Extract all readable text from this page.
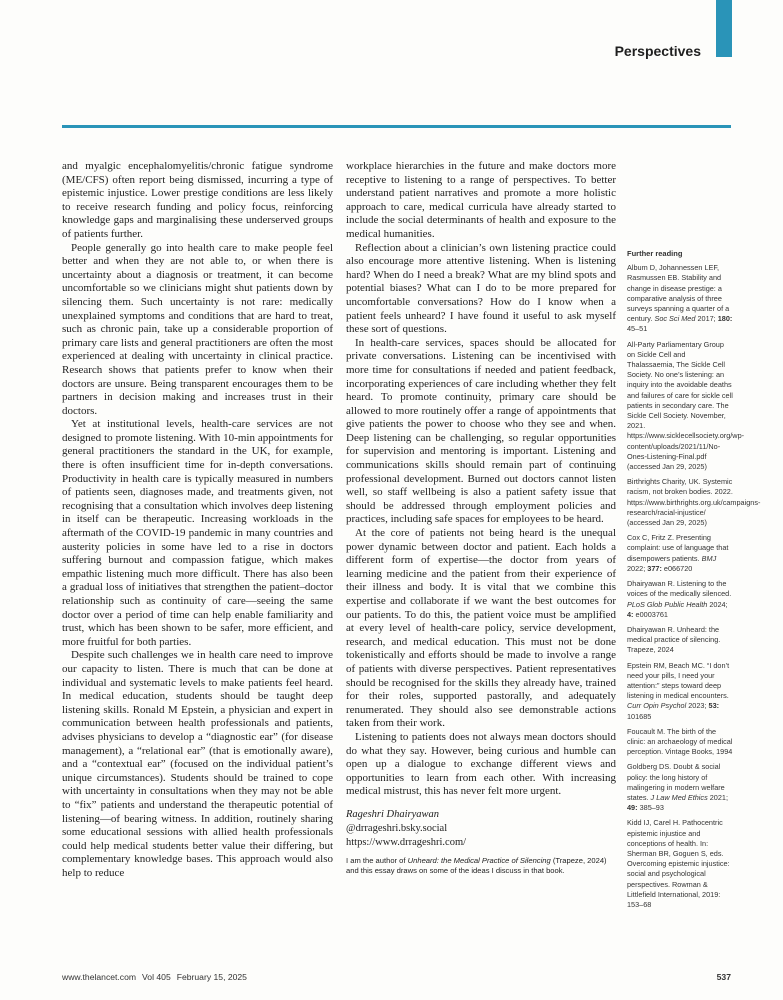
Perspectives

and myalgic encephalomyelitis/chronic fatigue syndrome (ME/CFS) often report being dismissed, incurring a type of epistemic injustice. Lower prestige conditions are less likely to receive research funding and policy focus, reinforcing knowledge gaps and marginalising these underserved groups of patients further.

People generally go into health care to make people feel better and when they are not able to, or when there is uncertainty about a diagnosis or treatment, it can become uncomfortable so we clinicians might shut patients down by silencing them. Such uncertainty is not rare: medically unexplained symptoms and conditions that are hard to treat, such as chronic pain, take up a considerable proportion of primary care lists and general practitioners are often the most experienced at dealing with uncertainty in clinical practice. Research shows that patients prefer to know when their doctors are unsure. Being transparent encourages them to be partners in decision making and increases trust in their doctors.

Yet at institutional levels, health-care services are not designed to promote listening. With 10-min appointments for general practitioners the standard in the UK, for example, there is often insufficient time for in-depth conversations. Productivity in health care is typically measured in numbers of patients seen, diagnoses made, and treatments given, not recognising that a consultation which involves deep listening in itself can be therapeutic. Increasing workloads in the aftermath of the COVID-19 pandemic in many countries and austerity policies in some have led to a rise in doctors suffering burnout and compassion fatigue, which makes empathic listening much more difficult. There has also been a gradual loss of initiatives that strengthen the patient–doctor relationship such as continuity of care—seeing the same doctor over a period of time can help enable familiarity and trust, which has been shown to be safer, more efficient, and more fruitful for both parties.

Despite such challenges we in health care need to improve our capacity to listen. There is much that can be done at individual and systematic levels to make patients feel heard. In medical education, students should be taught deep listening skills. Ronald M Epstein, a physician and expert in communication between health professionals and patients, advises physicians to develop a “diagnostic ear” (for disease management), a “relational ear” (that is emotionally aware), and a “contextual ear” (focused on the individual patient’s unique circumstances). Students should be trained to cope with uncertainty in consultations when they may not be able to “fix” patients and understand the therapeutic potential of listening—of bearing witness. In addition, routinely sharing some educational sessions with allied health professionals could help medical students better value their differing, but complementary knowledge bases. This approach would also help to reduce

workplace hierarchies in the future and make doctors more receptive to listening to a range of perspectives. To better understand patient narratives and promote a more holistic approach to care, medical curricula have already started to include the social determinants of health and exposure to the medical humanities.

Reflection about a clinician’s own listening practice could also encourage more attentive listening. When is listening hard? When do I need a break? What are my blind spots and potential biases? What can I do to be more prepared for uncomfortable conversations? How do I know when a patient feels unheard? I have found it useful to ask myself these sort of questions.

In health-care services, spaces should be allocated for private conversations. Listening can be incentivised with more time for consultations if needed and patient feedback, incorporating experiences of care including whether they felt heard. To promote continuity, primary care should be allowed to more routinely offer a range of appointments that give patients the power to choose who they see and when. Deep listening can be challenging, so regular opportunities for supervision and mentoring is important. Listening and communications skills should remain part of continuing professional development. Burned out doctors cannot listen well, so staff wellbeing is also a patient safety issue that should be addressed through employment policies and practices, including safe spaces for employees to be heard.

At the core of patients not being heard is the unequal power dynamic between doctor and patient. Each holds a different form of expertise—the doctor from years of learning medicine and the patient from their experience of their illness and body. It is vital that we combine this expertise and collaborate if we want the best outcomes for our patients. To do this, the patient voice must be amplified at every level of health-care policy, service development, research, and medical education. This must not be done tokenistically and efforts should be made to involve a range of patients with diverse perspectives. Patient representatives should be recognised for the skills they already have, trained for their roles, supported pastorally, and adequately renumerated. They should also see demonstrable actions taken from their work.

Listening to patients does not always mean doctors should do what they say. However, being curious and humble can open up a dialogue to exchange different views and opportunities to learn from each other. With increasing medical mistrust, this has never felt more urgent.

Rageshri Dhairyawan
@drrageshri.bsky.social
https://www.drrageshri.com/
I am the author of Unheard: the Medical Practice of Silencing (Trapeze, 2024) and this essay draws on some of the ideas I discuss in that book.
Further reading
Album D, Johannessen LEF, Rasmussen EB. Stability and change in disease prestige: a comparative analysis of three surveys spanning a quarter of a century. Soc Sci Med 2017; 180: 45–51
All-Party Parliamentary Group on Sickle Cell and Thalassaemia, The Sickle Cell Society. No one’s listening: an inquiry into the avoidable deaths and failures of care for sickle cell patients in secondary care. The Sickle Cell Society. November, 2021. https://www.sicklecellsociety.org/wp-content/uploads/2021/11/No-Ones-Listening-Final.pdf (accessed Jan 29, 2025)
Birthrights Charity, UK. Systemic racism, not broken bodies. 2022. https://www.birthrights.org.uk/campaigns-research/racial-injustice/ (accessed Jan 29, 2025)
Cox C, Fritz Z. Presenting complaint: use of language that disempowers patients. BMJ 2022; 377: e066720
Dhairyawan R. Listening to the voices of the medically silenced. PLoS Glob Public Health 2024; 4: e0003761
Dhairyawan R. Unheard: the medical practice of silencing. Trapeze, 2024
Epstein RM, Beach MC. “I don’t need your pills, I need your attention:” steps toward deep listening in medical encounters. Curr Opin Psychol 2023; 53: 101685
Foucault M. The birth of the clinic: an archaeology of medical perception. Vintage Books, 1994
Goldberg DS. Doubt & social policy: the long history of malingering in modern welfare states. J Law Med Ethics 2021; 49: 385–93
Kidd IJ, Carel H. Pathocentric epistemic injustice and conceptions of health. In: Sherman BR, Goguen S, eds. Overcoming epistemic injustice: social and psychological perspectives. Rowman & Littlefield International, 2019: 153–68
www.thelancet.com Vol 405 February 15, 2025	537
